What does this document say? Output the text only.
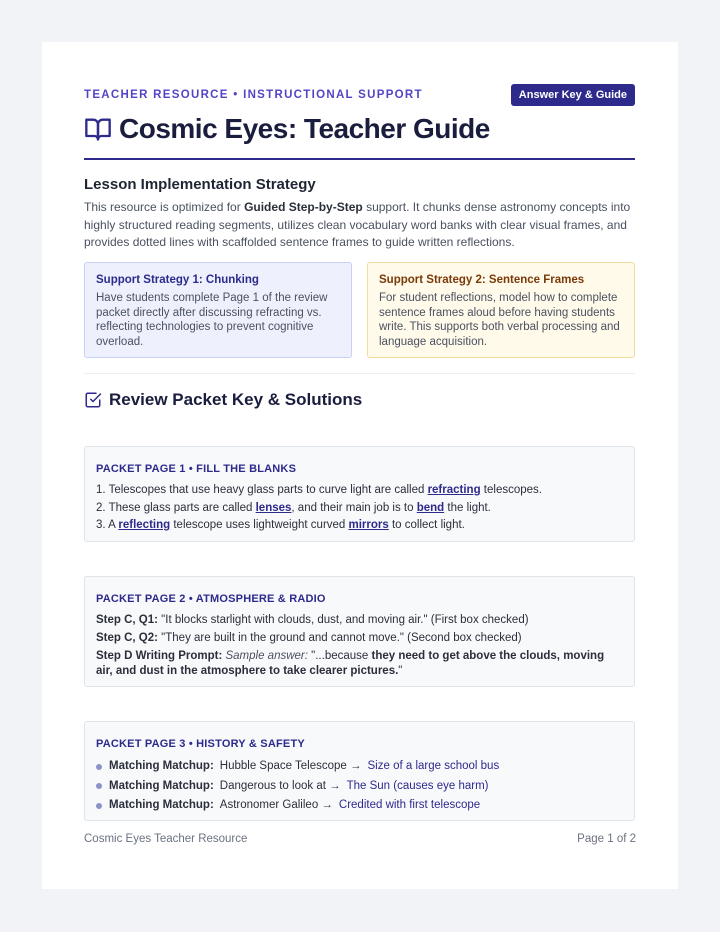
TEACHER RESOURCE • INSTRUCTIONAL SUPPORT	Answer Key & Guide
Cosmic Eyes: Teacher Guide
Lesson Implementation Strategy

This resource is optimized for Guided Step-by-Step support. It chunks dense astronomy concepts into highly structured reading segments, utilizes clean vocabulary word banks with clear visual frames, and provides dotted lines with scaffolded sentence frames to guide written reflections.

Support Strategy 1: Chunking

Have students complete Page 1 of the review packet directly after discussing refracting vs. reflecting technologies to prevent cognitive overload.

Support Strategy 2: Sentence Frames

For student reflections, model how to complete sentence frames aloud before having students write. This supports both verbal processing and language acquisition.

Review Packet Key & Solutions
PACKET PAGE 1 • FILL THE BLANKS
1. Telescopes that use heavy glass parts to curve light are called refracting telescopes.
2. These glass parts are called lenses, and their main job is to bend the light.
3. A reflecting telescope uses lightweight curved mirrors to collect light.
PACKET PAGE 2 • ATMOSPHERE & RADIO
Step C, Q1: "It blocks starlight with clouds, dust, and moving air." (First box checked)
Step C, Q2: "They are built in the ground and cannot move." (Second box checked)
Step D Writing Prompt: Sample answer: "...because they need to get above the clouds, moving air, and dust in the atmosphere to take clearer pictures."
PACKET PAGE 3 • HISTORY & SAFETY
Matching Matchup: Hubble Space Telescope → Size of a large school bus
Matching Matchup: Dangerous to look at → The Sun (causes eye harm)
Matching Matchup: Astronomer Galileo → Credited with first telescope
Cosmic Eyes Teacher Resource	Page 1 of 2
